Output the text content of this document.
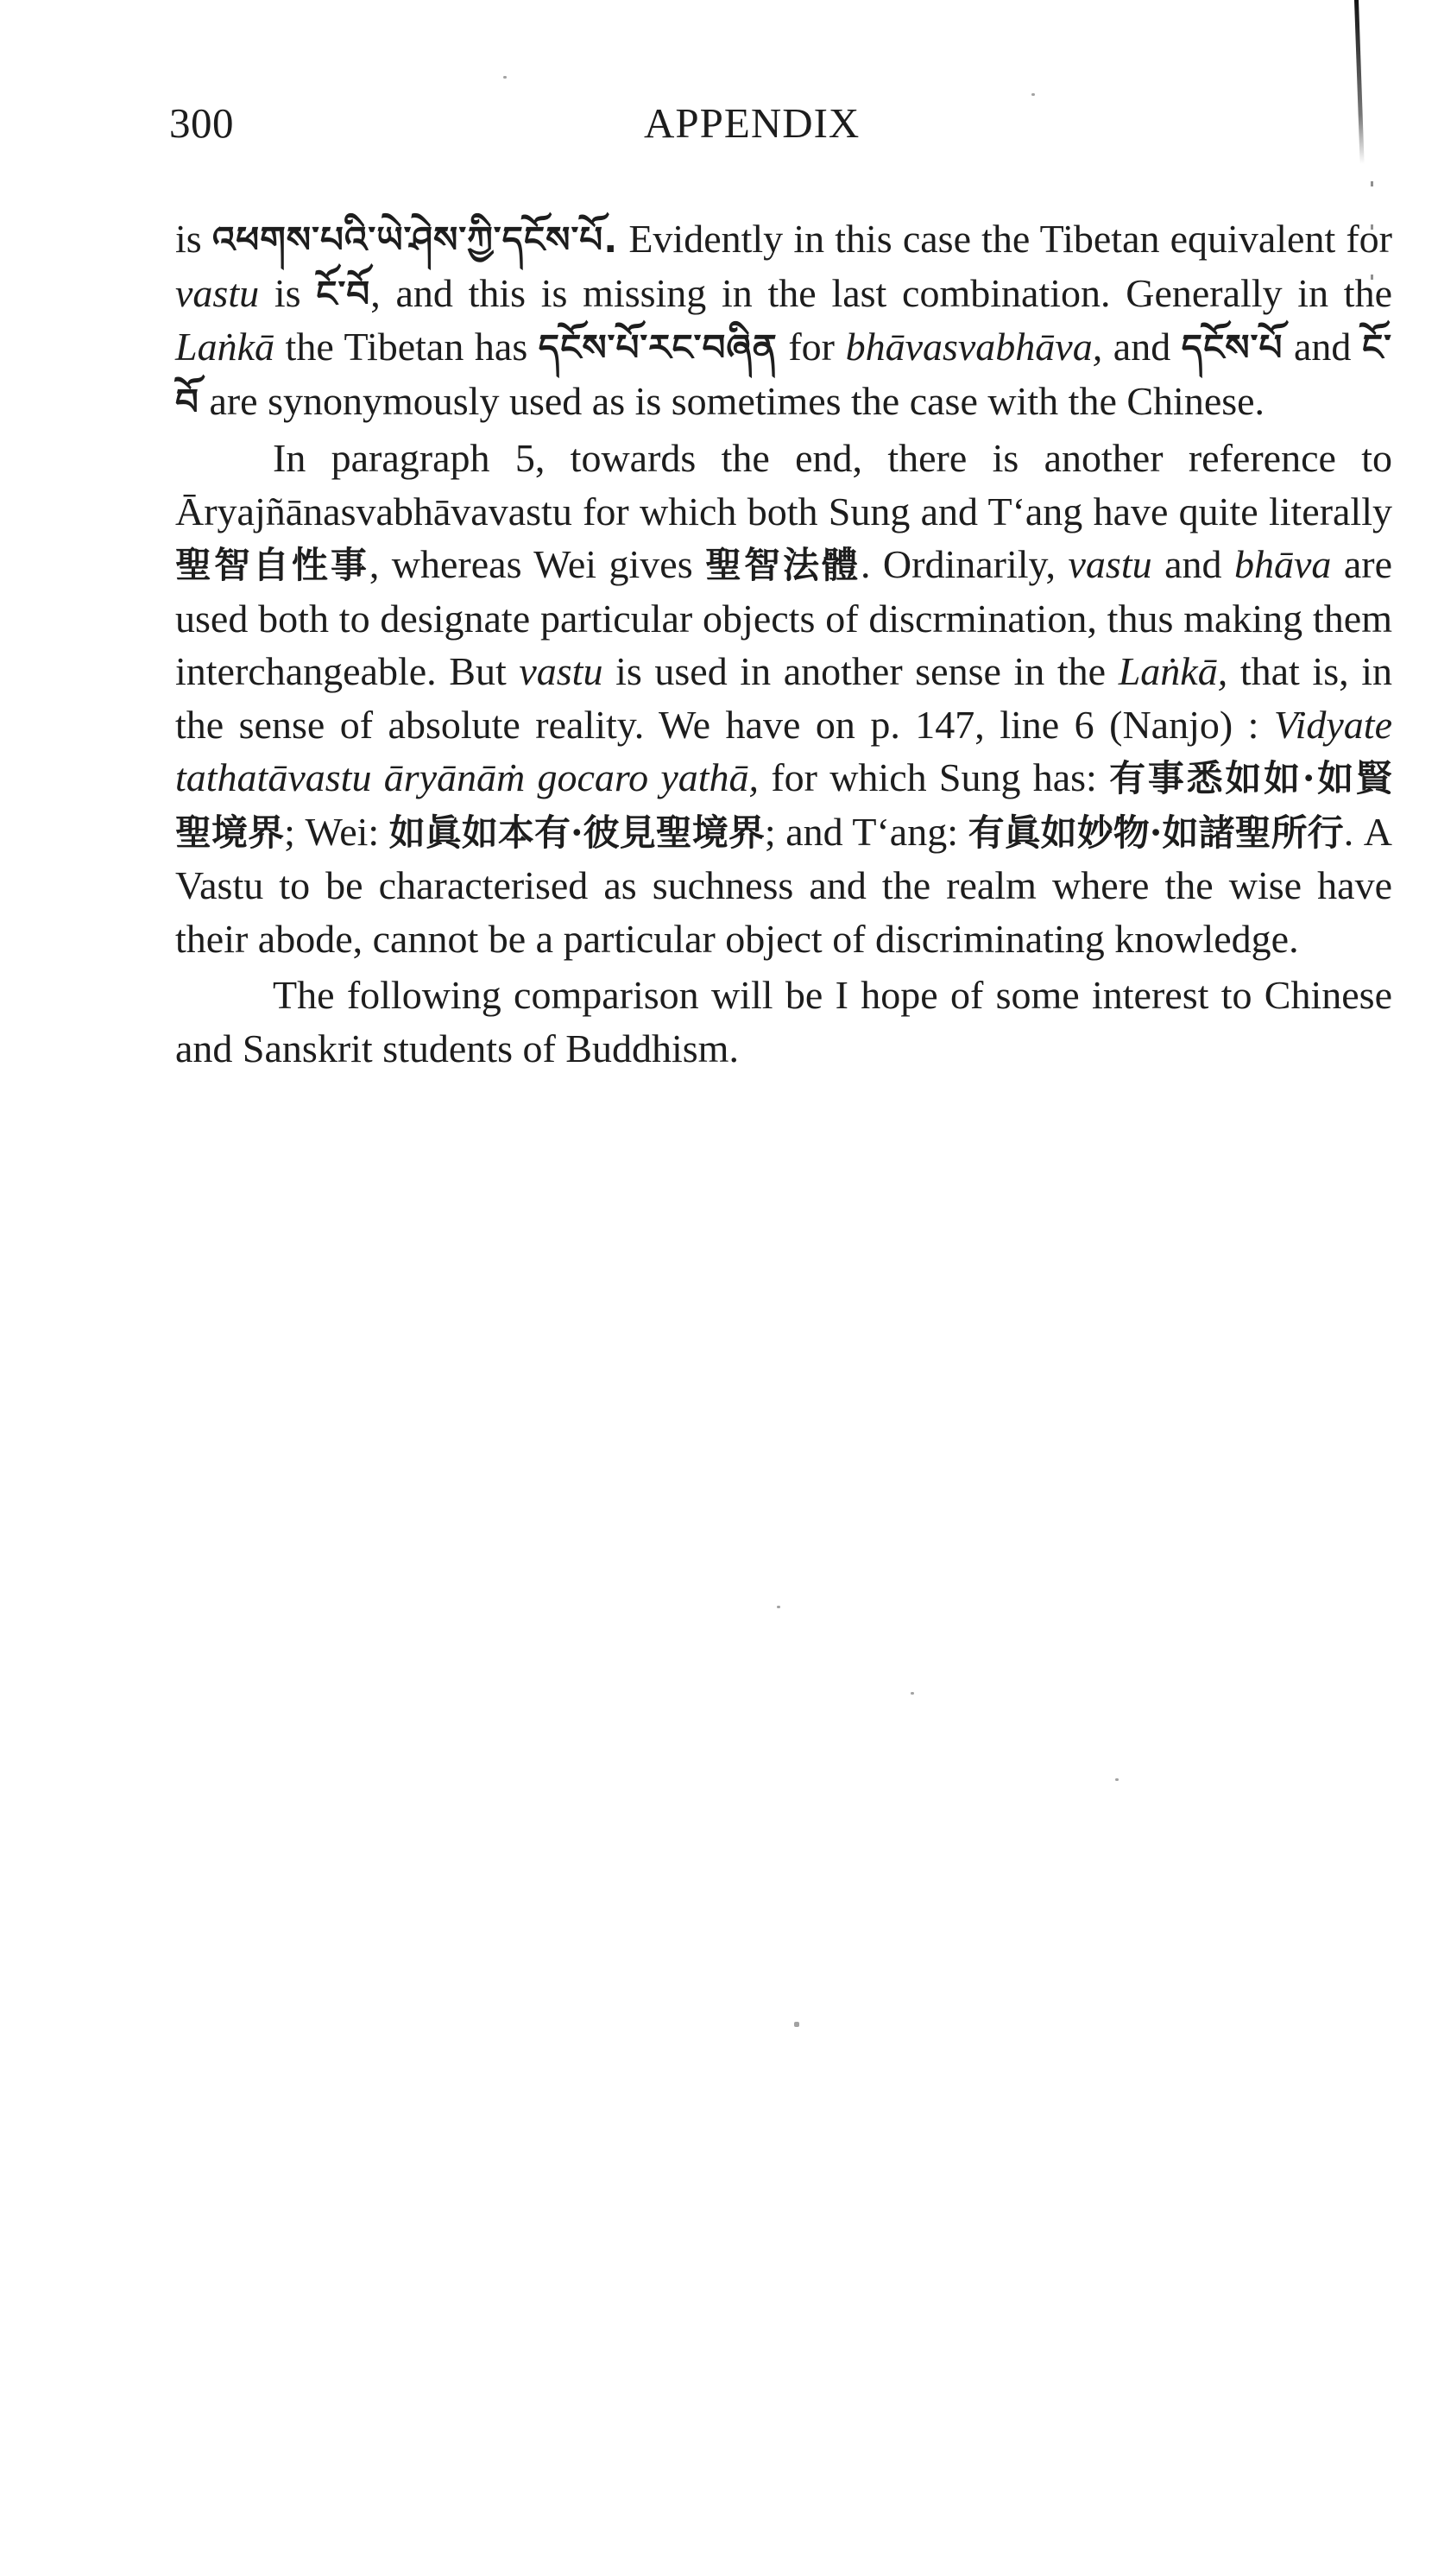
300	APPENDIX

is འཕགས་པའི་ཡེ་ཤེས་ཀྱི་དངོས་པོ. Evidently in this case the Tibetan equivalent for vastu is ངོ་བོ, and this is missing in the last combination. Generally in the Laṅkā the Tibetan has དངོས་པོ་རང་བཞིན for bhāvasvabhāva, and དངོས་པོ and ངོ་བོ are synonymously used as is sometimes the case with the Chinese.

In paragraph 5, towards the end, there is another reference to Āryajñānasvabhāvavastu for which both Sung and T‘ang have quite literally 聖智自性事, whereas Wei gives 聖智法體. Ordinarily, vastu and bhāva are used both to designate particular objects of discrmination, thus making them interchangeable. But vastu is used in another sense in the Laṅkā, that is, in the sense of absolute reality. We have on p. 147, line 6 (Nanjo) : Vidyate tathatāvastu āryānāṁ gocaro yathā, for which Sung has: 有事悉如如·如賢聖境界; Wei: 如眞如本有·彼見聖境界; and T‘ang: 有眞如妙物·如諸聖所行. A Vastu to be characterised as suchness and the realm where the wise have their abode, cannot be a particular object of discriminating knowledge.

The following comparison will be I hope of some interest to Chinese and Sanskrit students of Buddhism.
